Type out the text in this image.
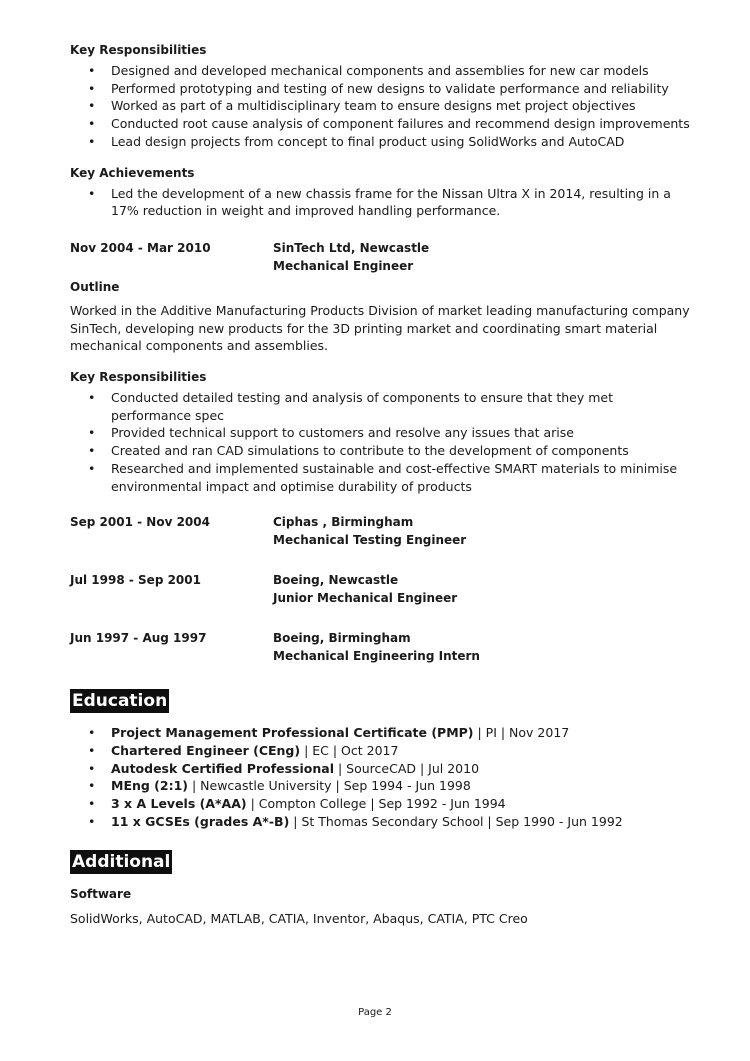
Key Responsibilities

• Designed and developed mechanical components and assemblies for new car models
• Performed prototyping and testing of new designs to validate performance and reliability
• Worked as part of a multidisciplinary team to ensure designs met project objectives
• Conducted root cause analysis of component failures and recommend design improvements
• Lead design projects from concept to final product using SolidWorks and AutoCAD

Key Achievements

• Led the development of a new chassis frame for the Nissan Ultra X in 2014, resulting in a 17% reduction in weight and improved handling performance.
Nov 2004 - Mar 2010	SinTech Ltd, Newcastle
Mechanical Engineer

Outline

Worked in the Additive Manufacturing Products Division of market leading manufacturing company SinTech, developing new products for the 3D printing market and coordinating smart material mechanical components and assemblies.

Key Responsibilities

• Conducted detailed testing and analysis of components to ensure that they met performance spec
• Provided technical support to customers and resolve any issues that arise
• Created and ran CAD simulations to contribute to the development of components
• Researched and implemented sustainable and cost-effective SMART materials to minimise environmental impact and optimise durability of products
Sep 2001 - Nov 2004	Ciphas , Birmingham
Mechanical Testing Engineer
Jul 1998 - Sep 2001	Boeing, Newcastle
Junior Mechanical Engineer
Jun 1997 - Aug 1997	Boeing, Birmingham
Mechanical Engineering Intern
Education
• Project Management Professional Certificate (PMP) | PI | Nov 2017
• Chartered Engineer (CEng) | EC | Oct 2017
• Autodesk Certified Professional | SourceCAD | Jul 2010
• MEng (2:1) | Newcastle University | Sep 1994 - Jun 1998
• 3 x A Levels (A*AA) | Compton College | Sep 1992 - Jun 1994
• 11 x GCSEs (grades A*-B) | St Thomas Secondary School | Sep 1990 - Jun 1992
Additional

Software

SolidWorks, AutoCAD, MATLAB, CATIA, Inventor, Abaqus, CATIA, PTC Creo

Page 2
